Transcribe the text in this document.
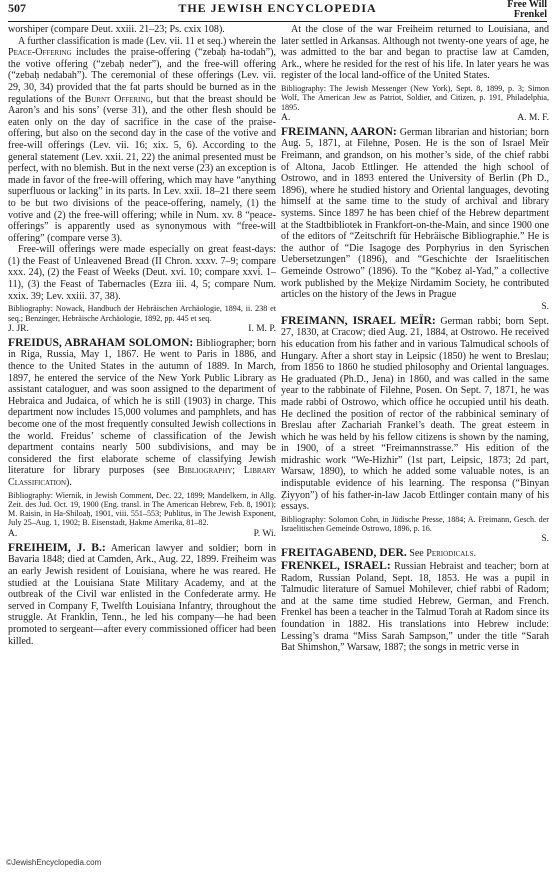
507	THE JEWISH ENCYCLOPEDIA	Free Will
Frenkel

worshiper (compare Deut. xxiii. 21–23; Ps. cxix 108).

A further classification is made (Lev. vii. 11 et seq.) wherein the Peace-Offering includes the praise-offering (“zebaḥ ha-todah”), the votive offering (“zebaḥ neder”), and the free-will offering (“zebaḥ nedabah”). The ceremonial of these offerings (Lev. vii. 29, 30, 34) provided that the fat parts should be burned as in the regulations of the Burnt Offering, but that the breast should be Aaron’s and his sons’ (verse 31), and the other flesh should be eaten only on the day of sacrifice in the case of the praise-offering, but also on the second day in the case of the votive and free-will offerings (Lev. vii. 16; xix. 5, 6). According to the general statement (Lev. xxii. 21, 22) the animal presented must be perfect, with no blemish. But in the next verse (23) an exception is made in favor of the free-will offering, which may have “anything superfluous or lacking” in its parts. In Lev. xxii. 18–21 there seem to be but two divisions of the peace-offering, namely, (1) the votive and (2) the free-will offering; while in Num. xv. 8 “peace-offerings” is apparently used as synonymous with “free-will offering” (compare verse 3).

Free-will offerings were made especially on great feast-days: (1) the Feast of Unleavened Bread (II Chron. xxxv. 7–9; compare xxx. 24), (2) the Feast of Weeks (Deut. xvi. 10; compare xxvi. 1–11), (3) the Feast of Tabernacles (Ezra iii. 4, 5; compare Num. xxix. 39; Lev. xxiii. 37, 38).

Bibliography: Nowack, Handbuch der Hebräischen Archäologie, 1894, ii. 238 et seq.; Benzinger, Hebräische Archäologie, 1892, pp. 445 et seq.

J. JR.	I. M. P.

FREIDUS, ABRAHAM SOLOMON: Bibliographer; born in Riga, Russia, May 1, 1867. He went to Paris in 1886, and thence to the United States in the autumn of 1889. In March, 1897, he entered the service of the New York Public Library as assistant cataloguer, and was soon assigned to the department of Hebraica and Judaica, of which he is still (1903) in charge. This department now includes 15,000 volumes and pamphlets, and has become one of the most frequently consulted Jewish collections in the world. Freidus’ scheme of classification of the Jewish department contains nearly 500 subdivisions, and may be considered the first elaborate scheme of classifying Jewish literature for library purposes (see Bibliography; Library Classification).

Bibliography: Wiernik, in Jewish Comment, Dec. 22, 1899; Mandelkern, in Allg. Zeit. des Jud. Oct. 19, 1900 (Eng. transl. in The American Hebrew, Feb. 8, 1901); M. Raisin, in Ha-Shiloaḥ, 1901, viii. 551–553; Publitus, in The Jewish Exponent, July 25–Aug. 1, 1902; B. Eisenstadt, Ḥakme Amerika, 81–82.

A.	P. Wi.

FREIHEIM, J. B.: American lawyer and soldier; born in Bavaria 1848; died at Camden, Ark., Aug. 22, 1899. Freiheim was an early Jewish resident of Louisiana, where he was reared. He studied at the Louisiana State Military Academy, and at the outbreak of the Civil war enlisted in the Confederate army. He served in Company F, Twelfth Louisiana Infantry, throughout the struggle. At Franklin, Tenn., he led his company—he had been promoted to sergeant—after every commissioned officer had been killed.

At the close of the war Freiheim returned to Louisiana, and later settled in Arkansas. Although not twenty-one years of age, he was admitted to the bar and began to practise law at Camden, Ark., where he resided for the rest of his life. In later years he was register of the local land-office of the United States.

Bibliography: The Jewish Messenger (New York), Sept. 8, 1899, p. 3; Simon Wolf, The American Jew as Patriot, Soldier, and Citizen, p. 191, Philadelphia, 1895.

A.	A. M. F.

FREIMANN, AARON: German librarian and historian; born Aug. 5, 1871, at Filehne, Posen. He is the son of Israel Meïr Freimann, and grandson, on his mother’s side, of the chief rabbi of Altona, Jacob Ettlinger. He attended the high school of Ostrowo, and in 1893 entered the University of Berlin (Ph D., 1896), where he studied history and Oriental languages, devoting himself at the same time to the study of archival and library systems. Since 1897 he has been chief of the Hebrew department at the Stadtbibliotek in Frankfort-on-the-Main, and since 1900 one of the editors of “Zeitschrift für Hebräische Bibliographie.” He is the author of “Die Isagoge des Porphyrius in den Syrischen Uebersetzungen” (1896), and “Geschichte der Israelitischen Gemeinde Ostrowo” (1896). To the “Ḳobeẓ al-Yad,” a collective work published by the Meḳiẓe Nirdamim Society, he contributed articles on the history of the Jews in Prague

S.

FREIMANN, ISRAEL MEÏR: German rabbi; born Sept. 27, 1830, at Cracow; died Aug. 21, 1884, at Ostrowo. He received his education from his father and in various Talmudical schools of Hungary. After a short stay in Leipsic (1850) he went to Breslau; from 1856 to 1860 he studied philosophy and Oriental languages. He graduated (Ph.D., Jena) in 1860, and was called in the same year to the rabbinate of Filehne, Posen. On Sept. 7, 1871, he was made rabbi of Ostrowo, which office he occupied until his death. He declined the position of rector of the rabbinical seminary of Breslau after Zachariah Frankel’s death. The great esteem in which he was held by his fellow citizens is shown by the naming, in 1900, of a street “Freimannstrasse.” His edition of the midrashic work “We-Hizhir” (1st part, Leipsic, 1873; 2d part, Warsaw, 1890), to which he added some valuable notes, is an indisputable evidence of his learning. The responsa (“Binyan Ẓiyyon”) of his father-in-law Jacob Ettlinger contain many of his essays.

Bibliography: Solomon Cohn, in Jüdische Presse, 1884; A. Freimann, Gesch. der Israelitischen Gemeinde Ostrowo, 1896, p. 16.

S.

FREITAGABEND, DER. See Periodicals.

FRENKEL, ISRAEL: Russian Hebraist and teacher; born at Radom, Russian Poland, Sept. 18, 1853. He was a pupil in Talmudic literature of Samuel Mohilever, chief rabbi of Radom; and at the same time studied Hebrew, German, and French. Frenkel has been a teacher in the Talmud Torah at Radom since its foundation in 1882. His translations into Hebrew include: Lessing’s drama “Miss Sarah Sampson,” under the title “Sarah Bat Shimshon,” Warsaw, 1887; the songs in metric verse in

©JewishEncyclopedia.com
